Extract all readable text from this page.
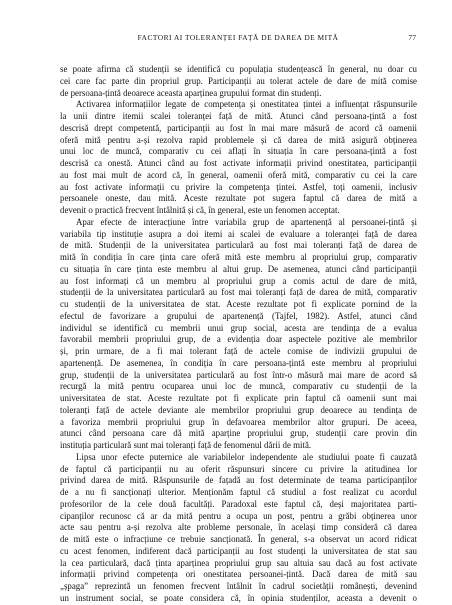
FACTORI AI TOLERANȚEI FAȚĂ DE DAREA DE MITĂ	77
se poate afirma că studenții se identifică cu populația studențească în general, nu doar cu
cei care fac parte din propriul grup. Participanții au tolerat actele de dare de mită comise
de persoana-țintă deoarece aceasta aparținea grupului format din studenți.
Activarea informațiilor legate de competența și onestitatea țintei a influențat răspunsurile
la unii dintre itemii scalei toleranței față de mită. Atunci când persoana-țintă a fost
descrisă drept competentă, participanții au fost în mai mare măsură de acord că oamenii
oferă mită pentru a-și rezolva rapid problemele și că darea de mită asigură obținerea
unui loc de muncă, comparativ cu cei aflați în situația în care persoana-țintă a fost
descrisă ca onestă. Atunci când au fost activate informații privind onestitatea, participanții
au fost mai mult de acord că, în general, oamenii oferă mită, comparativ cu cei la care
au fost activate informații cu privire la competența țintei. Astfel, toți oamenii, inclusiv
persoanele oneste, dau mită. Aceste rezultate pot sugera faptul că darea de mită a
devenit o practică frecvent întâlnită și că, în general, este un fenomen acceptat.
Apar efecte de interacțiune între variabila grup de apartenență al persoanei-țintă și
variabila tip instituție asupra a doi itemi ai scalei de evaluare a toleranței față de darea
de mită. Studenții de la universitatea particulară au fost mai toleranți față de darea de
mită în condiția în care ținta care oferă mită este membru al propriului grup, comparativ
cu situația în care ținta este membru al altui grup. De asemenea, atunci când participanții
au fost informați că un membru al propriului grup a comis actul de dare de mită,
studenții de la universitatea particulară au fost mai toleranți față de darea de mită, comparativ
cu studenții de la universitatea de stat. Aceste rezultate pot fi explicate pornind de la
efectul de favorizare a grupului de apartenență (Tajfel, 1982). Astfel, atunci când
individul se identifică cu membrii unui grup social, acesta are tendința de a evalua
favorabil membrii propriului grup, de a evidenția doar aspectele pozitive ale membrilor
și, prin urmare, de a fi mai tolerant față de actele comise de indivizii grupului de
apartenență. De asemenea, în condiția în care persoana-țintă este membru al propriului
grup, studenții de la universitatea particulară au fost într-o măsură mai mare de acord să
recurgă la mită pentru ocuparea unui loc de muncă, comparativ cu studenții de la
universitatea de stat. Aceste rezultate pot fi explicate prin faptul că oamenii sunt mai
toleranți față de actele deviante ale membrilor propriului grup deoarece au tendința de
a favoriza membrii propriului grup în defavoarea membrilor altor grupuri. De aceea,
atunci când persoana care dă mită aparține propriului grup, studenții care provin din
instituția particulară sunt mai toleranți față de fenomenul dării de mită.
Lipsa unor efecte puternice ale variabilelor independente ale studiului poate fi cauzată
de faptul că participanții nu au oferit răspunsuri sincere cu privire la atitudinea lor
privind darea de mită. Răspunsurile de fațadă au fost determinate de teama participanților
de a nu fi sancționați ulterior. Menționăm faptul că studiul a fost realizat cu acordul
profesorilor de la cele două facultăți. Paradoxal este faptul că, deși majoritatea parti-
cipanților recunosc că ar da mită pentru a ocupa un post, pentru a grăbi obținerea unor
acte sau pentru a-și rezolva alte probleme personale, în același timp consideră că darea
de mită este o infracțiune ce trebuie sancționată. În general, s-a observat un acord ridicat
cu acest fenomen, indiferent dacă participanții au fost studenți la universitatea de stat sau
la cea particulară, dacă ținta aparținea propriului grup sau altuia sau dacă au fost activate
informații privind competența ori onestitatea persoanei-țintă. Dacă darea de mită sau
„șpaga” reprezintă un fenomen frecvent întâlnit în cadrul societății românești, devenind
un instrument social, se poate considera că, în opinia studenților, aceasta a devenit o
